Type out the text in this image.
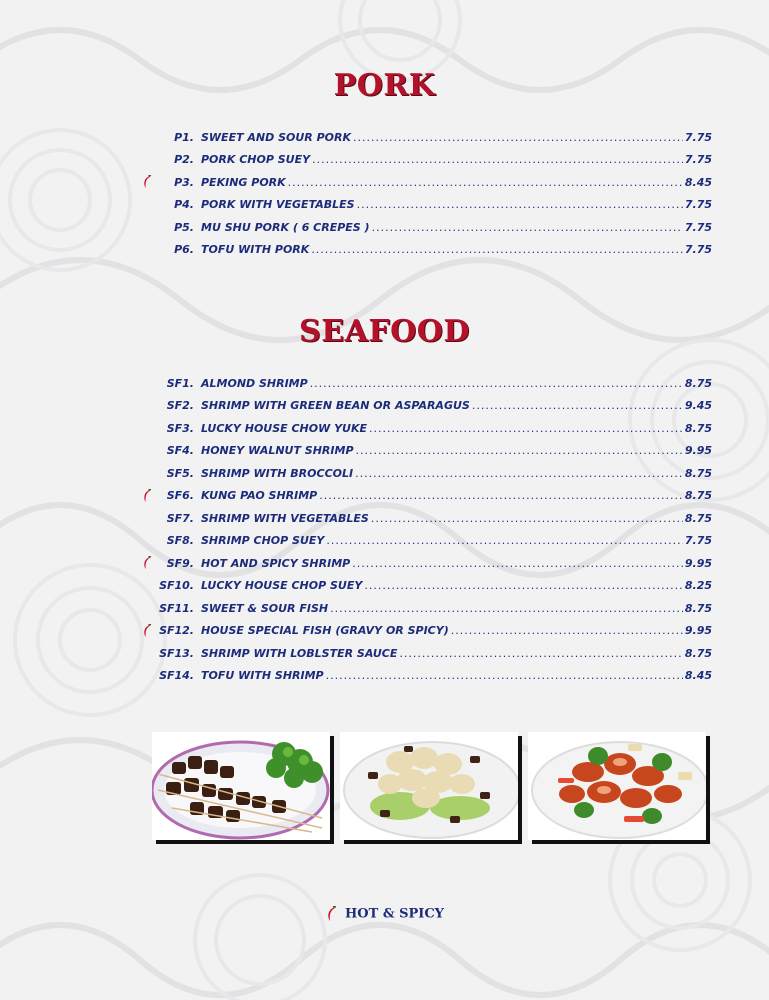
PORK
P1. SWEET AND SOUR PORK .....	7.75
P2. PORK CHOP SUEY .....	7.75
P3. PEKING PORK .....	8.45
P4. PORK WITH VEGETABLES .....	7.75
P5. MU SHU PORK ( 6 CREPES ) .....	7.75
P6. TOFU WITH PORK .....	7.75
SEAFOOD
SF1. ALMOND SHRIMP .....	8.75
SF2. SHRIMP WITH GREEN BEAN OR ASPARAGUS .....	9.45
SF3. LUCKY HOUSE CHOW YUKE .....	8.75
SF4. HONEY WALNUT SHRIMP .....	9.95
SF5. SHRIMP WITH BROCCOLI .....	8.75
SF6. KUNG PAO SHRIMP .....	8.75
SF7. SHRIMP WITH VEGETABLES .....	8.75
SF8. SHRIMP CHOP SUEY .....	7.75
SF9. HOT AND SPICY SHRIMP .....	9.95
SF10. LUCKY HOUSE CHOP SUEY .....	8.25
SF11. SWEET & SOUR FISH .....	8.75
SF12. HOUSE SPECIAL FISH (GRAVY OR SPICY) .....	9.95
SF13. SHRIMP WITH LOBLSTER SAUCE .....	8.75
SF14. TOFU WITH SHRIMP .....	8.45
HOT & SPICY
